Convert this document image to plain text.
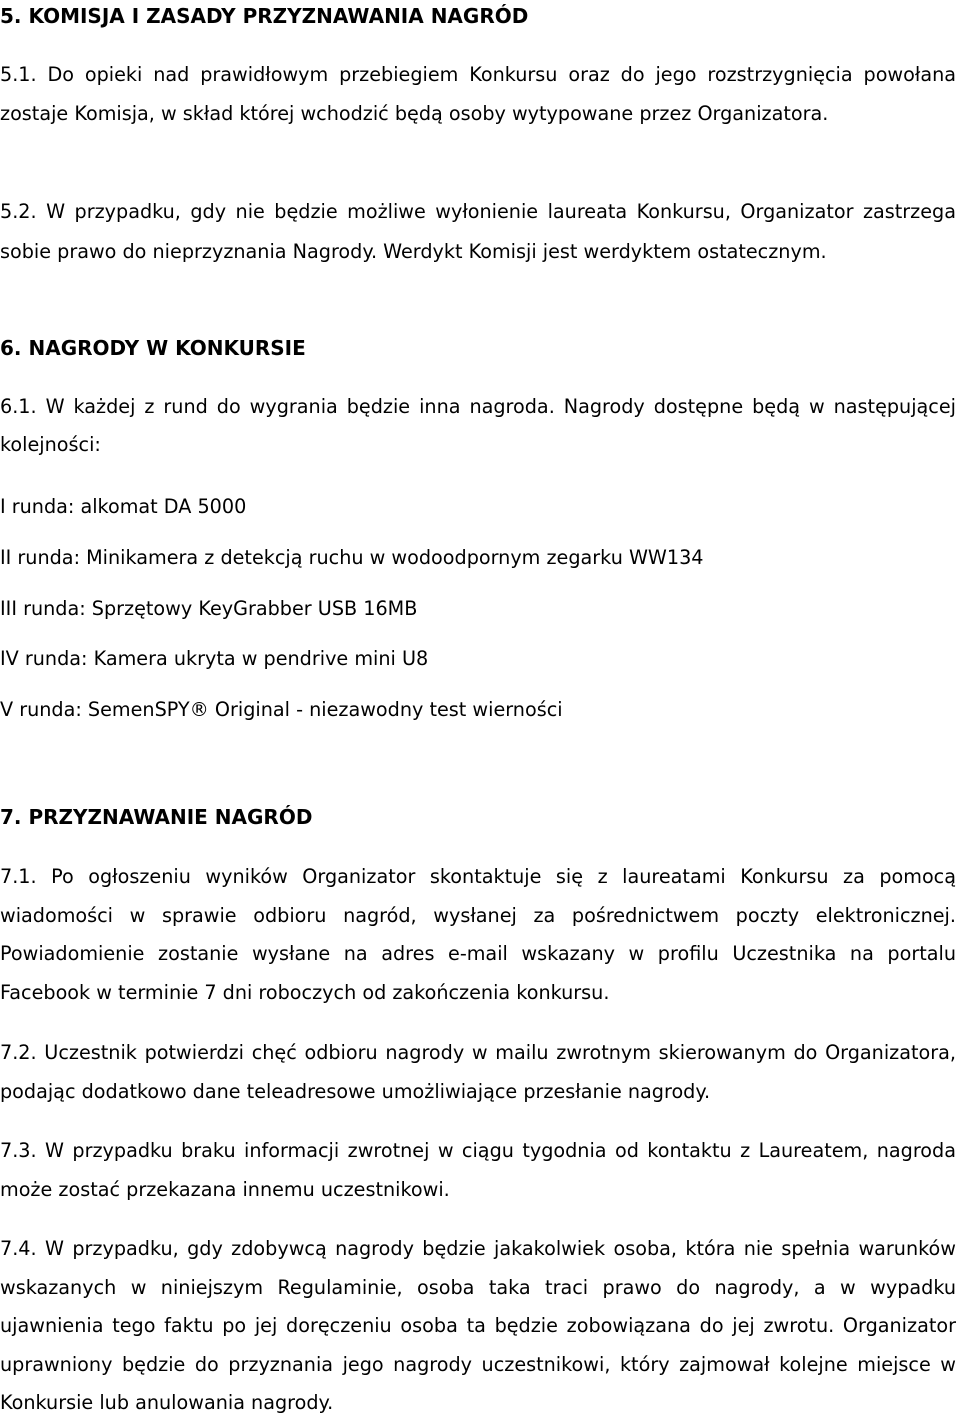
5. KOMISJA I ZASADY PRZYZNAWANIA NAGRÓD

5.1. Do opieki nad prawidłowym przebiegiem Konkursu oraz do jego rozstrzygnięcia powołana zostaje Komisja, w skład której wchodzić będą osoby wytypowane przez Organizatora.

5.2. W przypadku, gdy nie będzie możliwe wyłonienie laureata Konkursu, Organizator zastrzega sobie prawo do nieprzyznania Nagrody. Werdykt Komisji jest werdyktem ostatecznym.

6. NAGRODY W KONKURSIE

6.1. W każdej z rund do wygrania będzie inna nagroda. Nagrody dostępne będą w następującej kolejności:

I runda: alkomat DA 5000

II runda: Minikamera z detekcją ruchu w wodoodpornym zegarku WW134

III runda: Sprzętowy KeyGrabber USB 16MB

IV runda: Kamera ukryta w pendrive mini U8

V runda: SemenSPY® Original - niezawodny test wierności

7. PRZYZNAWANIE NAGRÓD

7.1. Po ogłoszeniu wyników Organizator skontaktuje się z laureatami Konkursu za pomocą wiadomości w sprawie odbioru nagród, wysłanej za pośrednictwem poczty elektronicznej. Powiadomienie zostanie wysłane na adres e-mail wskazany w profilu Uczestnika na portalu Facebook w terminie 7 dni roboczych od zakończenia konkursu.

7.2. Uczestnik potwierdzi chęć odbioru nagrody w mailu zwrotnym skierowanym do Organizatora, podając dodatkowo dane teleadresowe umożliwiające przesłanie nagrody.

7.3. W przypadku braku informacji zwrotnej w ciągu tygodnia od kontaktu z Laureatem, nagroda może zostać przekazana innemu uczestnikowi.

7.4. W przypadku, gdy zdobywcą nagrody będzie jakakolwiek osoba, która nie spełnia warunków wskazanych w niniejszym Regulaminie, osoba taka traci prawo do nagrody, a w wypadku ujawnienia tego faktu po jej doręczeniu osoba ta będzie zobowiązana do jej zwrotu. Organizator uprawniony będzie do przyznania jego nagrody uczestnikowi, który zajmował kolejne miejsce w Konkursie lub anulowania nagrody.
